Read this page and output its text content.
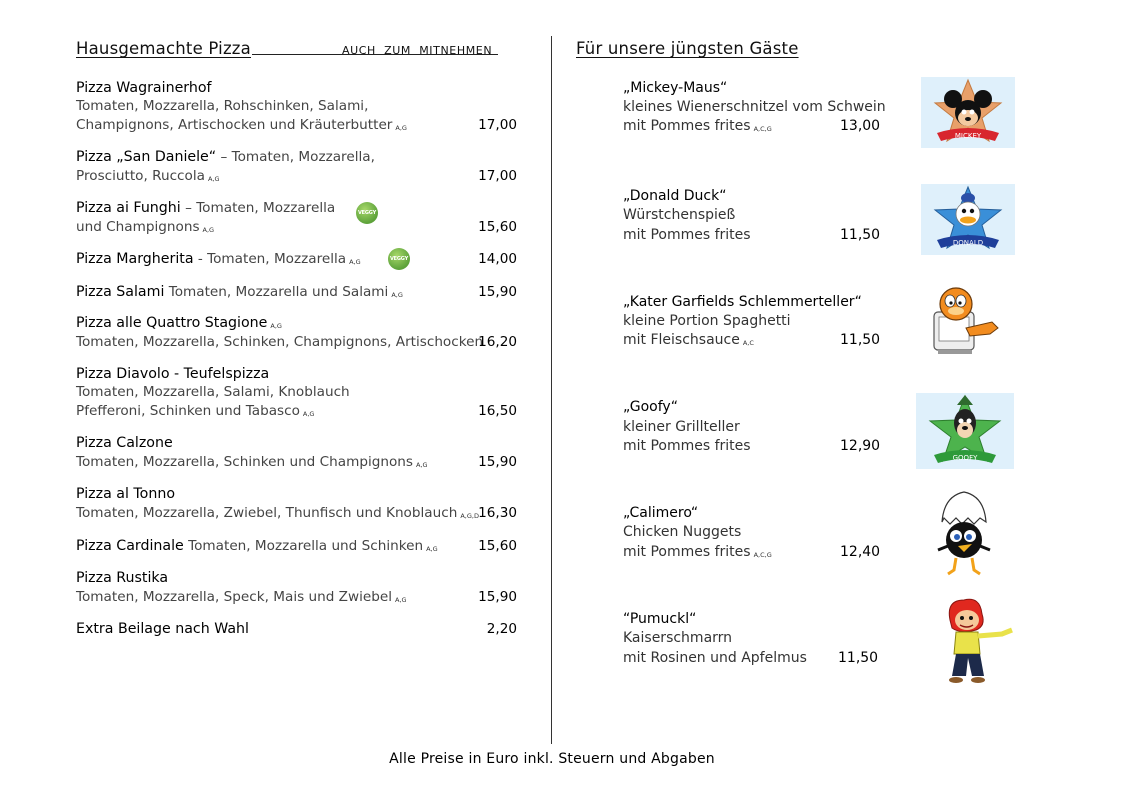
Hausgemachte Pizza	AUCH  ZUM  MITNEHMEN
Pizza Wagrainerhof
Tomaten, Mozzarella, Rohschinken, Salami,
Champignons, Artischocken und Kräuterbutter A,G	17,00
Pizza „San Daniele“ – Tomaten, Mozzarella,
Prosciutto, Ruccola A,G	17,00
Pizza ai Funghi – Tomaten, Mozzarella	VEGGY
und Champignons A,G	15,60
Pizza Margherita - Tomaten, Mozzarella A,G	VEGGY	14,00
Pizza Salami Tomaten, Mozzarella und Salami A,G	15,90
Pizza alle Quattro Stagione A,G
Tomaten, Mozzarella, Schinken, Champignons, Artischocken
16,20
Pizza Diavolo - Teufelspizza
Tomaten, Mozzarella, Salami, Knoblauch
Pfefferoni, Schinken und Tabasco A,G	16,50
Pizza Calzone
Tomaten, Mozzarella, Schinken und Champignons A,G	15,90
Pizza al Tonno
Tomaten, Mozzarella, Zwiebel, Thunfisch und Knoblauch A,G,D 16,30
Pizza Cardinale Tomaten, Mozzarella und Schinken A,G	15,60
Pizza Rustika
Tomaten, Mozzarella, Speck, Mais und Zwiebel A,G	15,90
Extra Beilage nach Wahl	2,20
Für unsere jüngsten Gäste
„Mickey-Maus“
kleines Wienerschnitzel vom Schwein
mit Pommes frites A,C,G	13,00
MICKEY
„Donald Duck“
Würstchenspieß
mit Pommes frites	11,50	DONALD
„Kater Garfields Schlemmerteller“
kleine Portion Spaghetti
mit Fleischsauce A,C	11,50
„Goofy“
kleiner Grillteller
mit Pommes frites	12,90
GOOFY
„Calimero“
Chicken Nuggets
mit Pommes frites A,C,G	12,40
“Pumuckl“
Kaiserschmarrn
mit Rosinen und Apfelmus 11,50
Alle Preise in Euro inkl. Steuern und Abgaben
